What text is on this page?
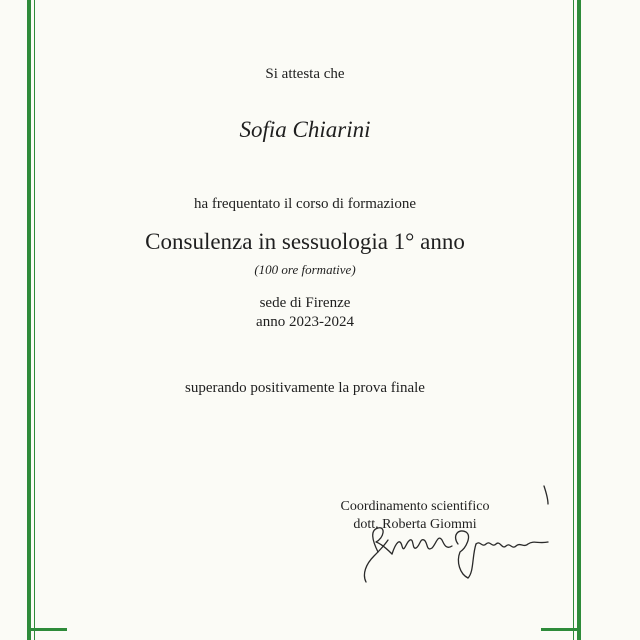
Si attesta che
Sofia Chiarini
ha frequentato il corso di formazione
Consulenza in sessuologia 1° anno
(100 ore formative)
sede di Firenze
anno 2023-2024
superando positivamente la prova finale
Coordinamento scientifico
dott. Roberta Giommi
